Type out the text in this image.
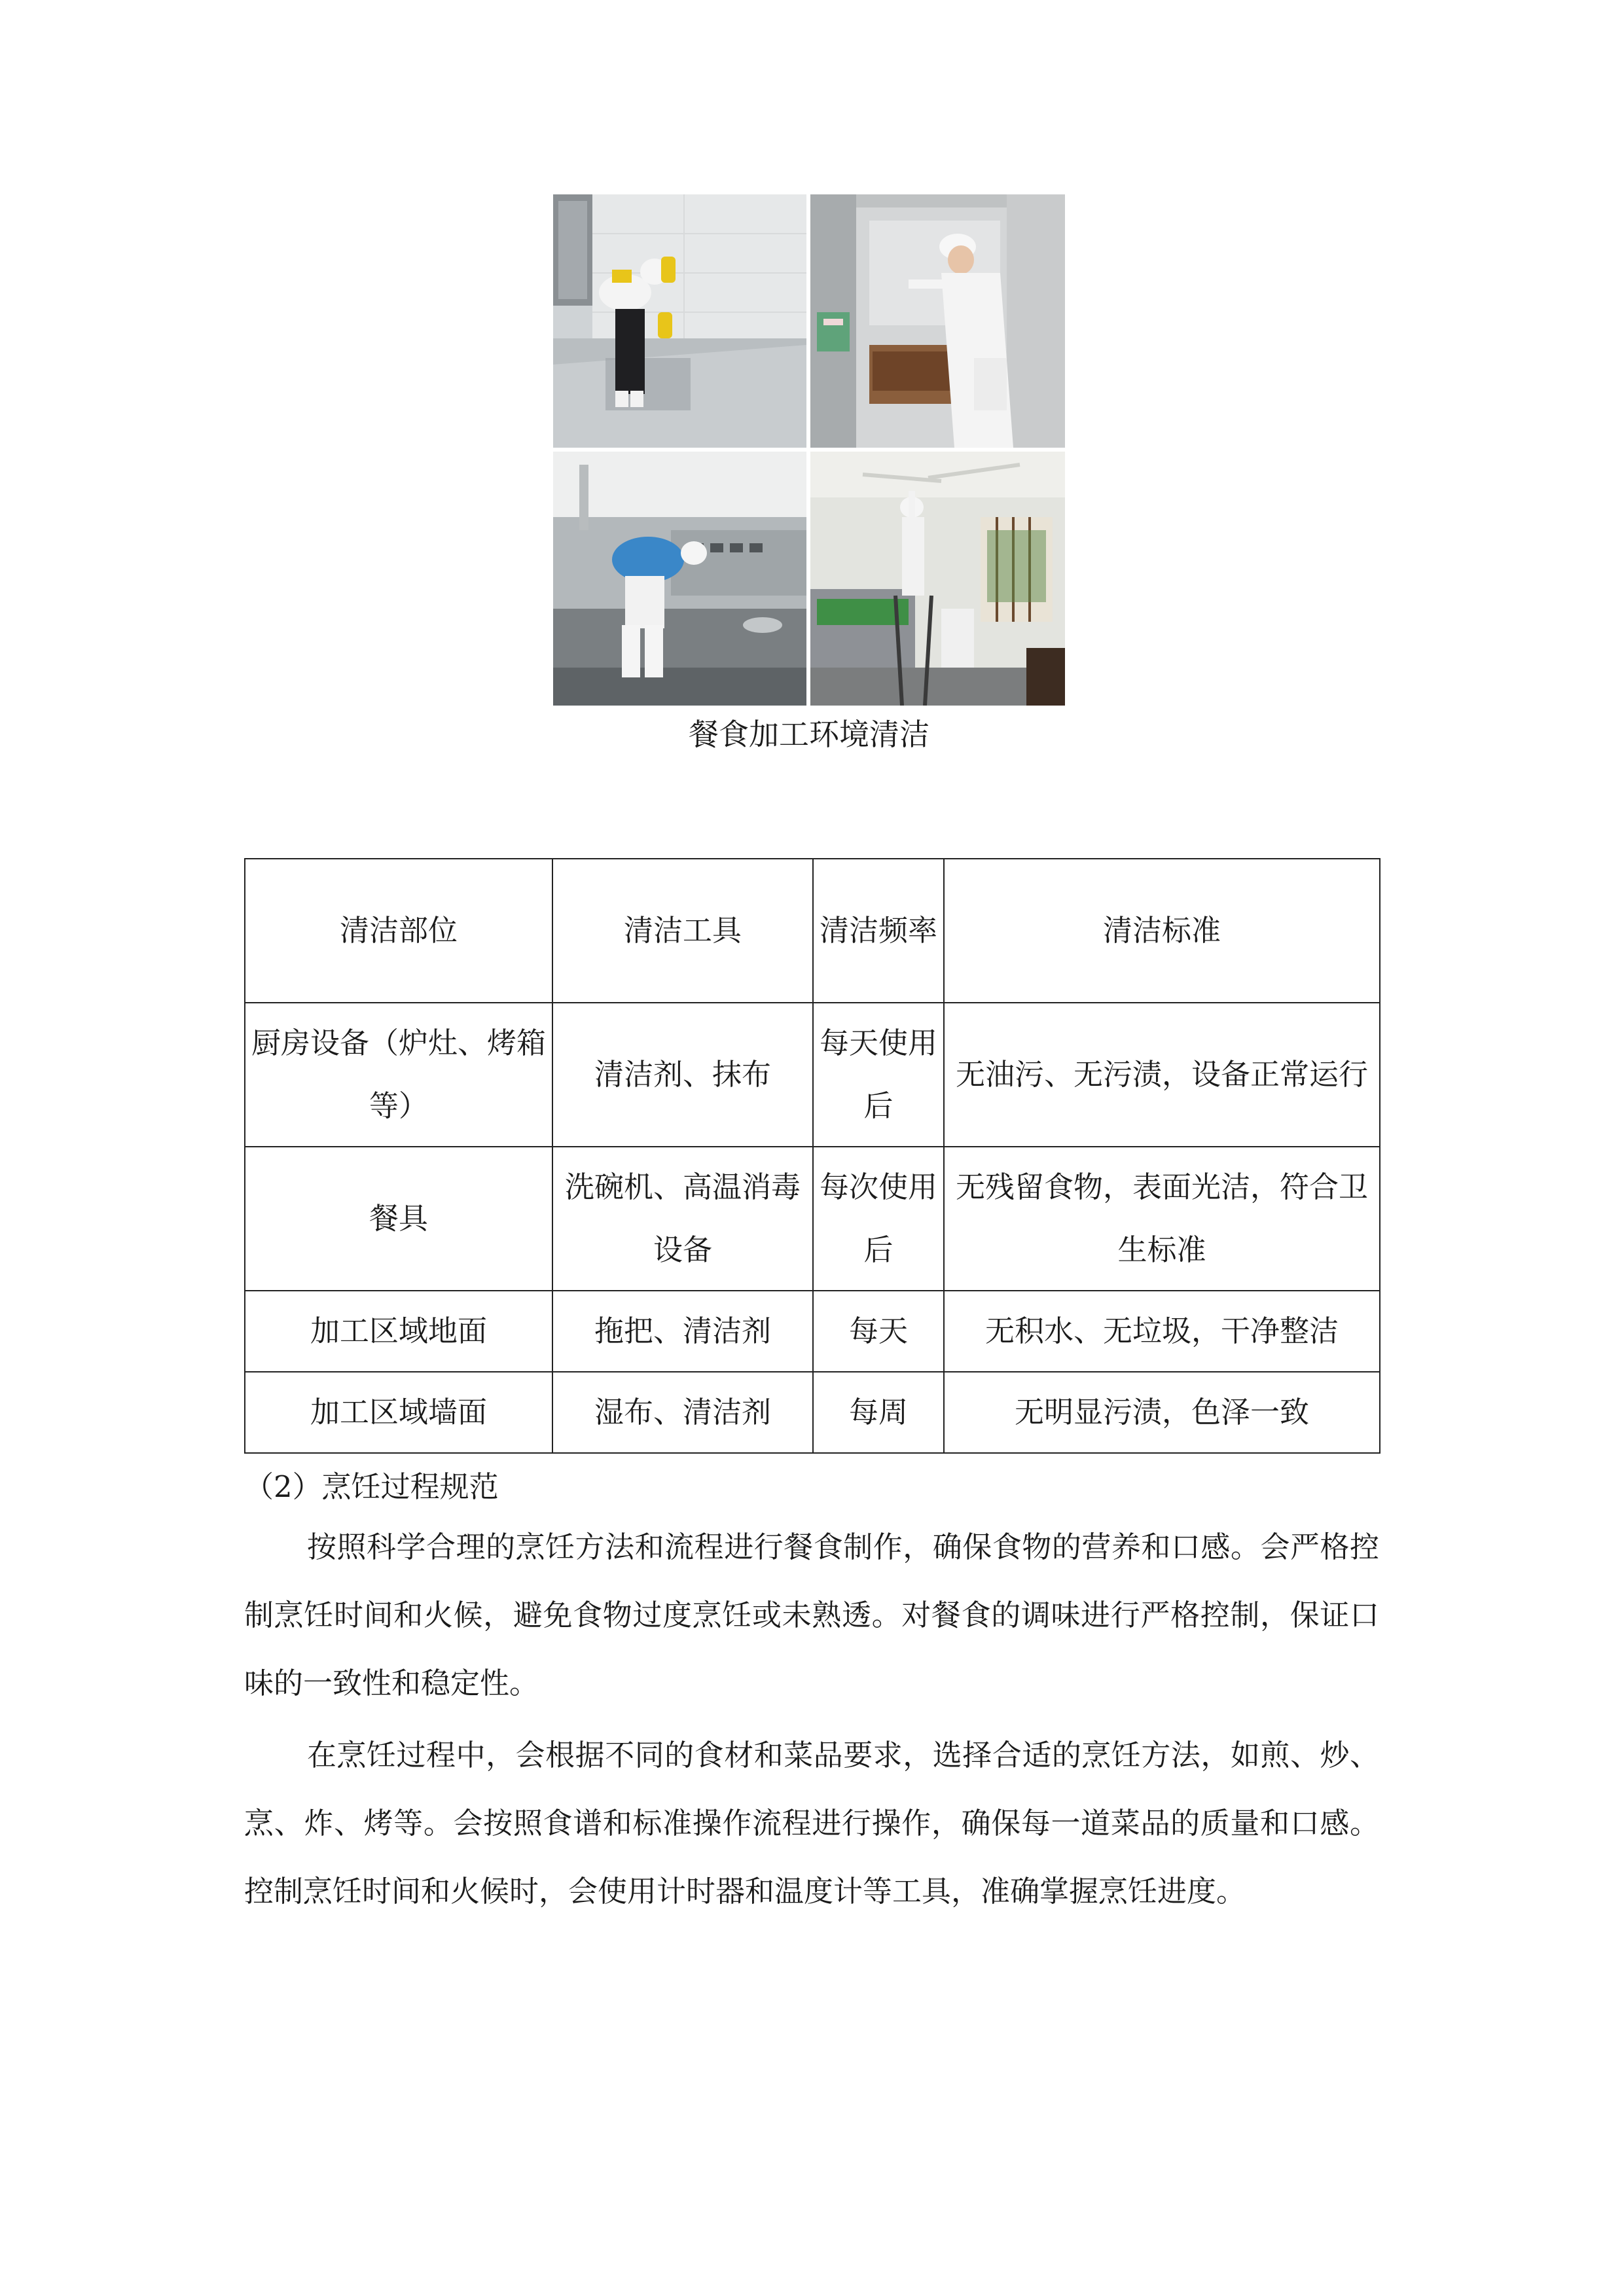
餐食加工环境清洁
清洁部位	清洁工具	清洁频率	清洁标准
厨房设备（炉灶、烤箱等）	清洁剂、抹布	每天使用后	无油污、无污渍，设备正常运行
餐具	洗碗机、高温消毒设备	每次使用后	无残留食物，表面光洁，符合卫生标准
加工区域地面	拖把、清洁剂	每天	无积水、无垃圾，干净整洁
加工区域墙面	湿布、清洁剂	每周	无明显污渍，色泽一致
（2）烹饪过程规范

按照科学合理的烹饪方法和流程进行餐食制作，确保食物的营养和口感。会严格控制烹饪时间和火候，避免食物过度烹饪或未熟透。对餐食的调味进行严格控制，保证口味的一致性和稳定性。

在烹饪过程中，会根据不同的食材和菜品要求，选择合适的烹饪方法，如煎、炒、烹、炸、烤等。会按照食谱和标准操作流程进行操作，确保每一道菜品的质量和口感。控制烹饪时间和火候时，会使用计时器和温度计等工具，准确掌握烹饪进度。
